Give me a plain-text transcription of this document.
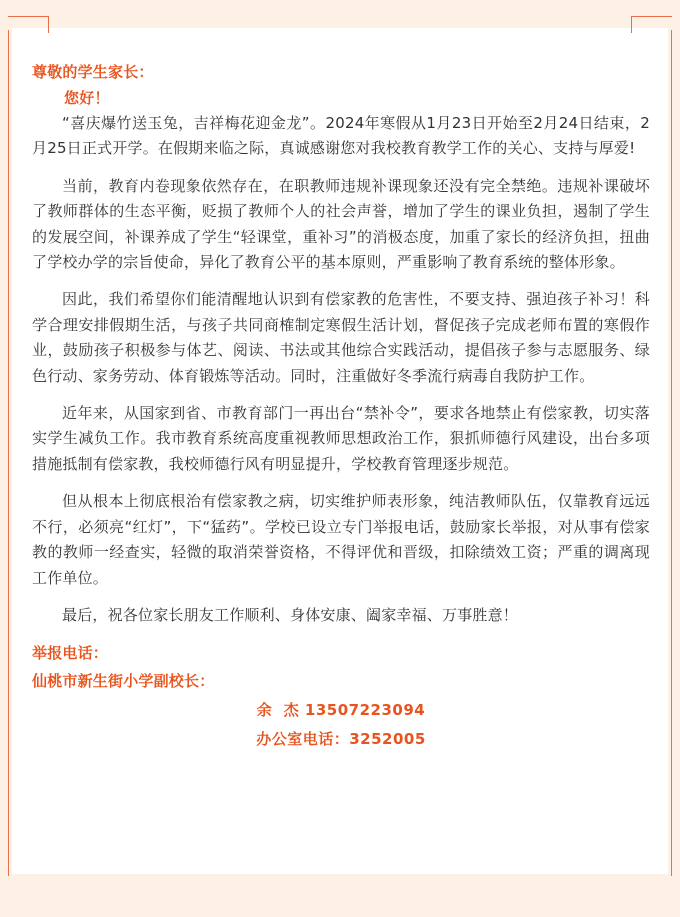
尊敬的学生家长：
您好！

“喜庆爆竹送玉兔，吉祥梅花迎金龙”。2024年寒假从1月23日开始至2月24日结束，2月25日正式开学。在假期来临之际，真诚感谢您对我校教育教学工作的关心、支持与厚爱!

当前，教育内卷现象依然存在，在职教师违规补课现象还没有完全禁绝。违规补课破坏了教师群体的生态平衡，贬损了教师个人的社会声誉，增加了学生的课业负担，遏制了学生的发展空间，补课养成了学生“轻课堂，重补习”的消极态度，加重了家长的经济负担，扭曲了学校办学的宗旨使命，异化了教育公平的基本原则，严重影响了教育系统的整体形象。

因此，我们希望你们能清醒地认识到有偿家教的危害性，不要支持、强迫孩子补习！科学合理安排假期生活，与孩子共同商榷制定寒假生活计划，督促孩子完成老师布置的寒假作业，鼓励孩子积极参与体艺、阅读、书法或其他综合实践活动，提倡孩子参与志愿服务、绿色行动、家务劳动、体育锻炼等活动。同时，注重做好冬季流行病毒自我防护工作。

近年来，从国家到省、市教育部门一再出台“禁补令”，要求各地禁止有偿家教，切实落实学生减负工作。我市教育系统高度重视教师思想政治工作，狠抓师德行风建设，出台多项措施抵制有偿家教，我校师德行风有明显提升，学校教育管理逐步规范。

但从根本上彻底根治有偿家教之病，切实维护师表形象，纯洁教师队伍，仅靠教育远远不行，必须亮“红灯”，下“猛药”。学校已设立专门举报电话，鼓励家长举报，对从事有偿家教的教师一经查实，轻微的取消荣誉资格，不得评优和晋级，扣除绩效工资；严重的调离现工作单位。

最后，祝各位家长朋友工作顺利、身体安康、阖家幸福、万事胜意！

举报电话：
仙桃市新生街小学副校长：
余  杰 13507223094
办公室电话：3252005
